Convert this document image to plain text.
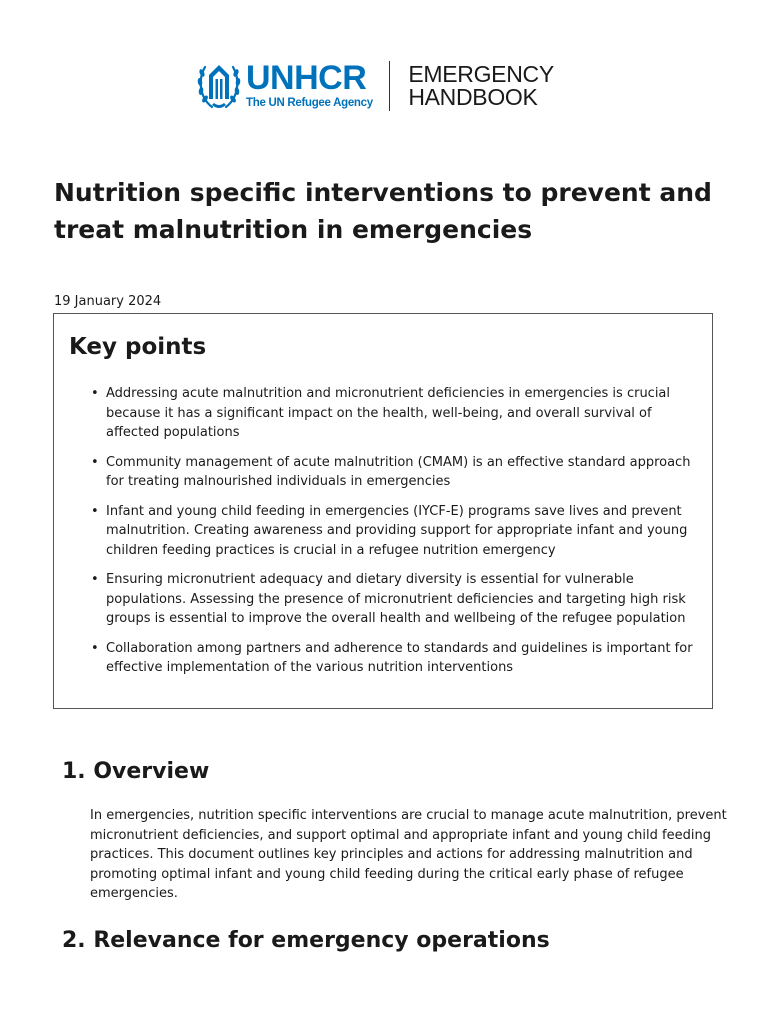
UNHCR
The UN Refugee Agency
EMERGENCY
HANDBOOK
Nutrition specific interventions to prevent and treat malnutrition in emergencies
19 January 2024
Key points
• Addressing acute malnutrition and micronutrient deficiencies in emergencies is crucial because it has a significant impact on the health, well-being, and overall survival of affected populations
• Community management of acute malnutrition (CMAM) is an effective standard approach for treating malnourished individuals in emergencies
• Infant and young child feeding in emergencies (IYCF-E) programs save lives and prevent malnutrition. Creating awareness and providing support for appropriate infant and young children feeding practices is crucial in a refugee nutrition emergency
• Ensuring micronutrient adequacy and dietary diversity is essential for vulnerable populations. Assessing the presence of micronutrient deficiencies and targeting high risk groups is essential to improve the overall health and wellbeing of the refugee population
• Collaboration among partners and adherence to standards and guidelines is important for effective implementation of the various nutrition interventions
1. Overview

In emergencies, nutrition specific interventions are crucial to manage acute malnutrition, prevent micronutrient deficiencies, and support optimal and appropriate infant and young child feeding practices. This document outlines key principles and actions for addressing malnutrition and promoting optimal infant and young child feeding during the critical early phase of refugee emergencies.

2. Relevance for emergency operations
